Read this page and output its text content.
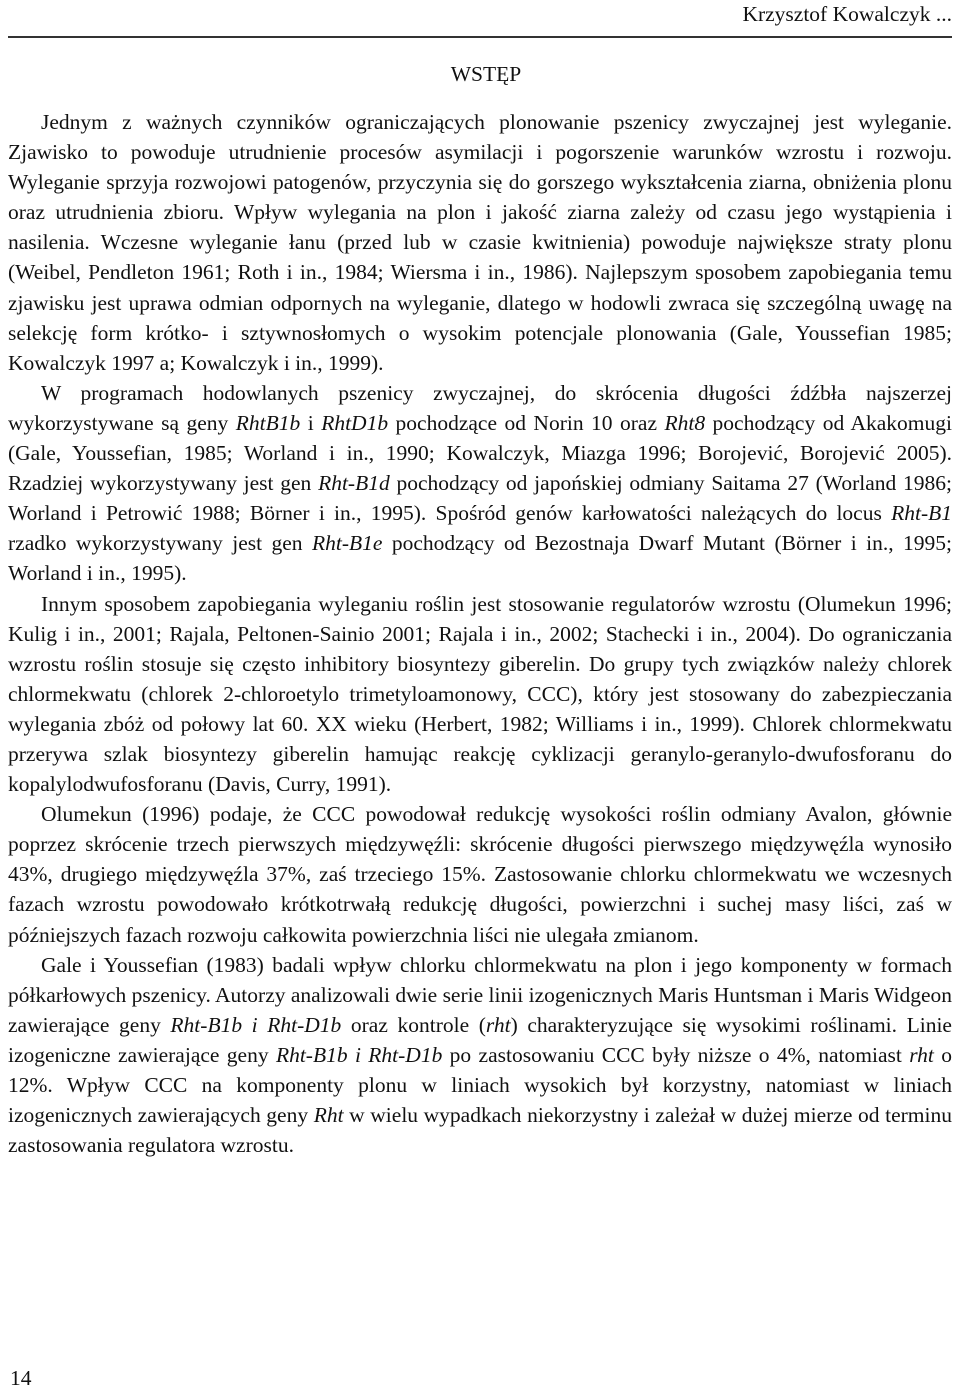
Krzysztof Kowalczyk ...
WSTĘP

Jednym z ważnych czynników ograniczających plonowanie pszenicy zwyczajnej jest wyleganie. Zjawisko to powoduje utrudnienie procesów asymilacji i pogorszenie warunków wzrostu i rozwoju. Wyleganie sprzyja rozwojowi patogenów, przyczynia się do gorszego wykształcenia ziarna, obniżenia plonu oraz utrudnienia zbioru. Wpływ wylegania na plon i jakość ziarna zależy od czasu jego wystąpienia i nasilenia. Wczesne wyleganie łanu (przed lub w czasie kwitnienia) powoduje największe straty plonu (Weibel, Pendleton 1961; Roth i in., 1984; Wiersma i in., 1986). Najlepszym sposobem zapobiegania temu zjawisku jest uprawa odmian odpornych na wyleganie, dlatego w hodowli zwraca się szczególną uwagę na selekcję form krótko- i sztywnosłomych o wysokim potencjale plonowania (Gale, Youssefian 1985; Kowalczyk 1997 a; Kowalczyk i in., 1999).

W programach hodowlanych pszenicy zwyczajnej, do skrócenia długości źdźbła najszerzej wykorzystywane są geny RhtB1b i RhtD1b pochodzące od Norin 10 oraz Rht8 pochodzący od Akakomugi (Gale, Youssefian, 1985; Worland i in., 1990; Kowalczyk, Miazga 1996; Borojević, Borojević 2005). Rzadziej wykorzystywany jest gen Rht-B1d pochodzący od japońskiej odmiany Saitama 27 (Worland 1986; Worland i Petrowić 1988; Börner i in., 1995). Spośród genów karłowatości należących do locus Rht-B1 rzadko wykorzystywany jest gen Rht-B1e pochodzący od Bezostnaja Dwarf Mutant (Börner i in., 1995; Worland i in., 1995).

Innym sposobem zapobiegania wyleganiu roślin jest stosowanie regulatorów wzrostu (Olumekun 1996; Kulig i in., 2001; Rajala, Peltonen-Sainio 2001; Rajala i in., 2002; Stachecki i in., 2004). Do ograniczania wzrostu roślin stosuje się często inhibitory biosyntezy giberelin. Do grupy tych związków należy chlorek chlormekwatu (chlorek 2-chloroetylo trimetyloamonowy, CCC), który jest stosowany do zabezpieczania wylegania zbóż od połowy lat 60. XX wieku (Herbert, 1982; Williams i in., 1999). Chlorek chlormekwatu przerywa szlak biosyntezy giberelin hamując reakcję cyklizacji geranylo-geranylo-dwufosforanu do kopalylodwufosforanu (Davis, Curry, 1991).

Olumekun (1996) podaje, że CCC powodował redukcję wysokości roślin odmiany Avalon, głównie poprzez skrócenie trzech pierwszych międzywęźli: skrócenie długości pierwszego międzywęźla wynosiło 43%, drugiego międzywęźla 37%, zaś trzeciego 15%. Zastosowanie chlorku chlormekwatu we wczesnych fazach wzrostu powodowało krótkotrwałą redukcję długości, powierzchni i suchej masy liści, zaś w późniejszych fazach rozwoju całkowita powierzchnia liści nie ulegała zmianom.

Gale i Youssefian (1983) badali wpływ chlorku chlormekwatu na plon i jego komponenty w formach półkarłowych pszenicy. Autorzy analizowali dwie serie linii izogenicznych Maris Huntsman i Maris Widgeon zawierające geny Rht-B1b i Rht-D1b oraz kontrole (rht) charakteryzujące się wysokimi roślinami. Linie izogeniczne zawierające geny Rht-B1b i Rht-D1b po zastosowaniu CCC były niższe o 4%, natomiast rht o 12%. Wpływ CCC na komponenty plonu w liniach wysokich był korzystny, natomiast w liniach izogenicznych zawierających geny Rht w wielu wypadkach niekorzystny i zależał w dużej mierze od terminu zastosowania regulatora wzrostu.

14
